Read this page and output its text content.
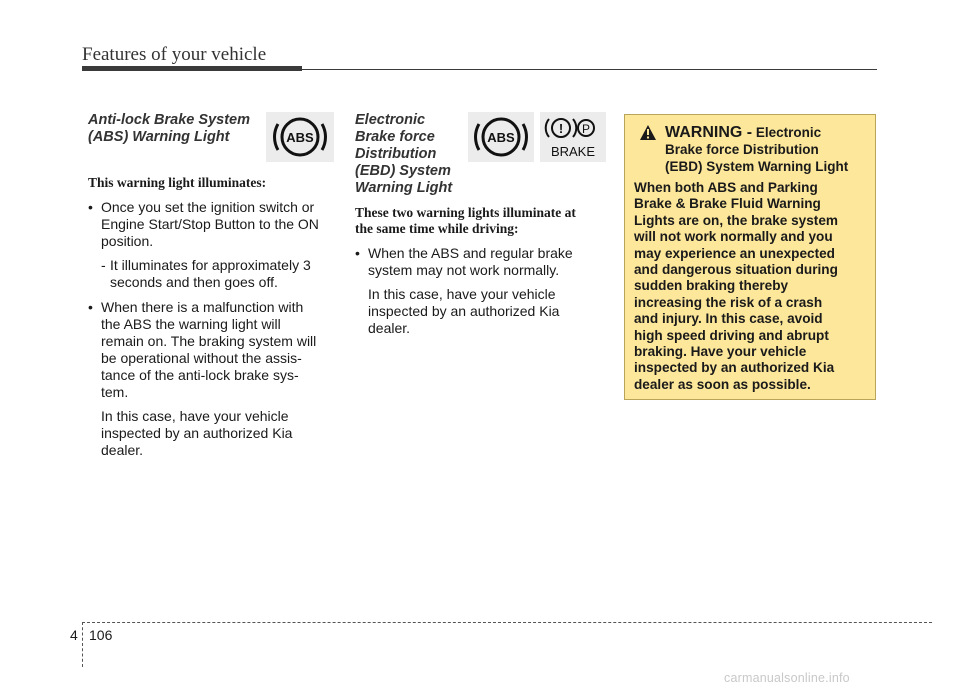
Features of your vehicle
Anti-lock Brake System
(ABS) Warning Light
This warning light illuminates:
• Once you set the ignition switch or
Engine Start/Stop Button to the ON
position.
- It illuminates for approximately 3
seconds and then goes off.
• When there is a malfunction with
the ABS the warning light will
remain on. The braking system will
be operational without the assis-
tance of the anti-lock brake sys-
tem.
In this case, have your vehicle
inspected by an authorized Kia
dealer.
ABS
Electronic
Brake force
Distribution
(EBD) System
Warning Light
These two warning lights illuminate at
the same time while driving:
• When the ABS and regular brake
system may not work normally.
In this case, have your vehicle
inspected by an authorized Kia
dealer.
ABS
! P
BRAKE
WARNING - Electronic
Brake force Distribution
(EBD) System Warning Light
When both ABS and Parking
Brake & Brake Fluid Warning
Lights are on, the brake system
will not work normally and you
may experience an unexpected
and dangerous situation during
sudden braking thereby
increasing the risk of a crash
and injury. In this case, avoid
high speed driving and abrupt
braking. Have your vehicle
inspected by an authorized Kia
dealer as soon as possible.
4 106
carmanualsonline.info
